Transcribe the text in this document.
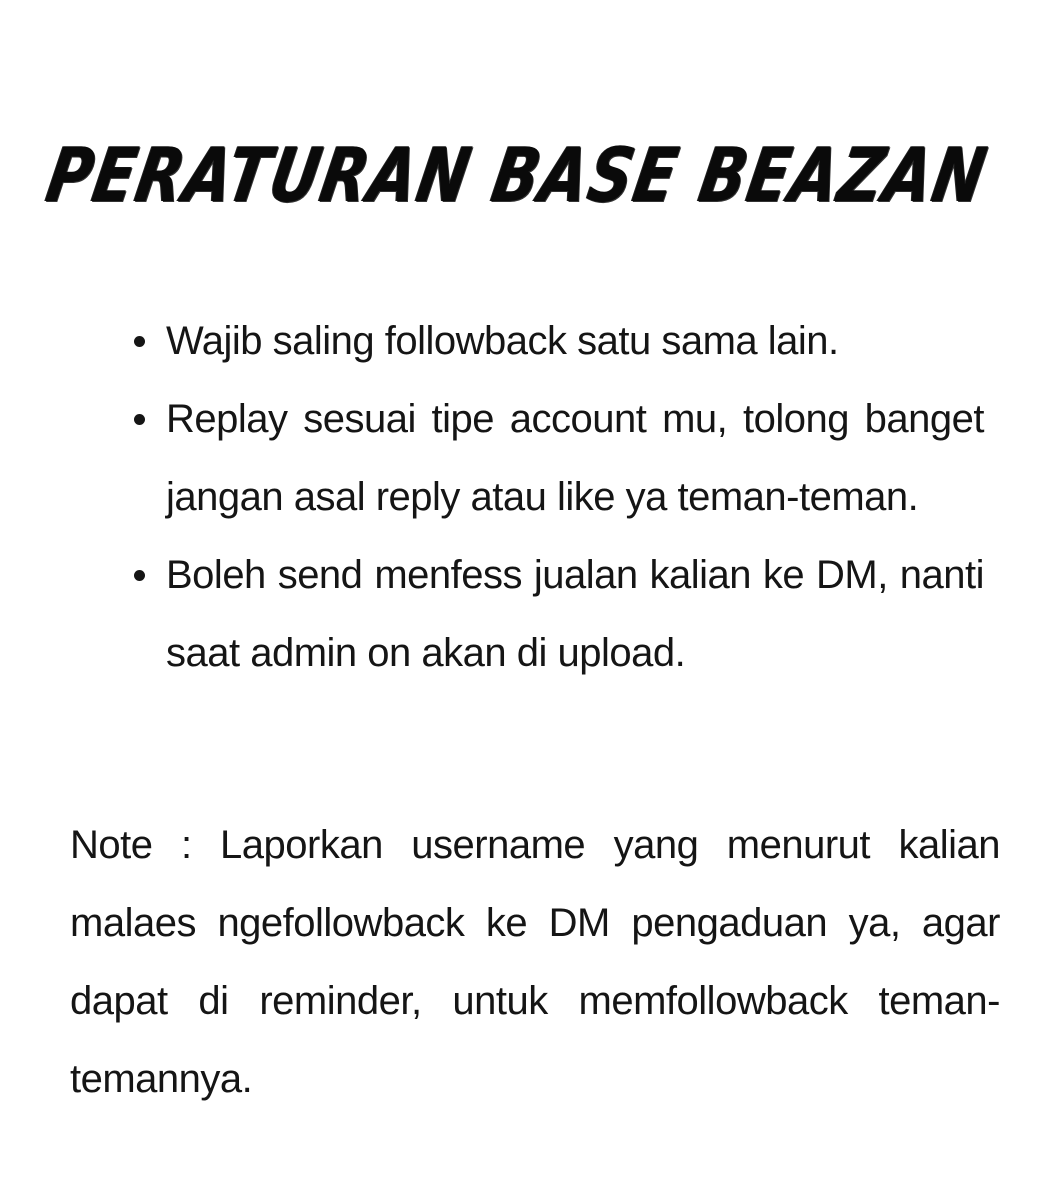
PERATURAN BASE BEAZAN
Wajib saling followback satu sama lain.
Replay sesuai tipe account mu, tolong banget jangan asal reply atau like ya teman-teman.
Boleh send menfess jualan kalian ke DM, nanti saat admin on akan di upload.

Note : Laporkan username yang menurut kalian malaes ngefollowback ke DM pengaduan ya, agar dapat di reminder, untuk memfollowback teman-temannya.
